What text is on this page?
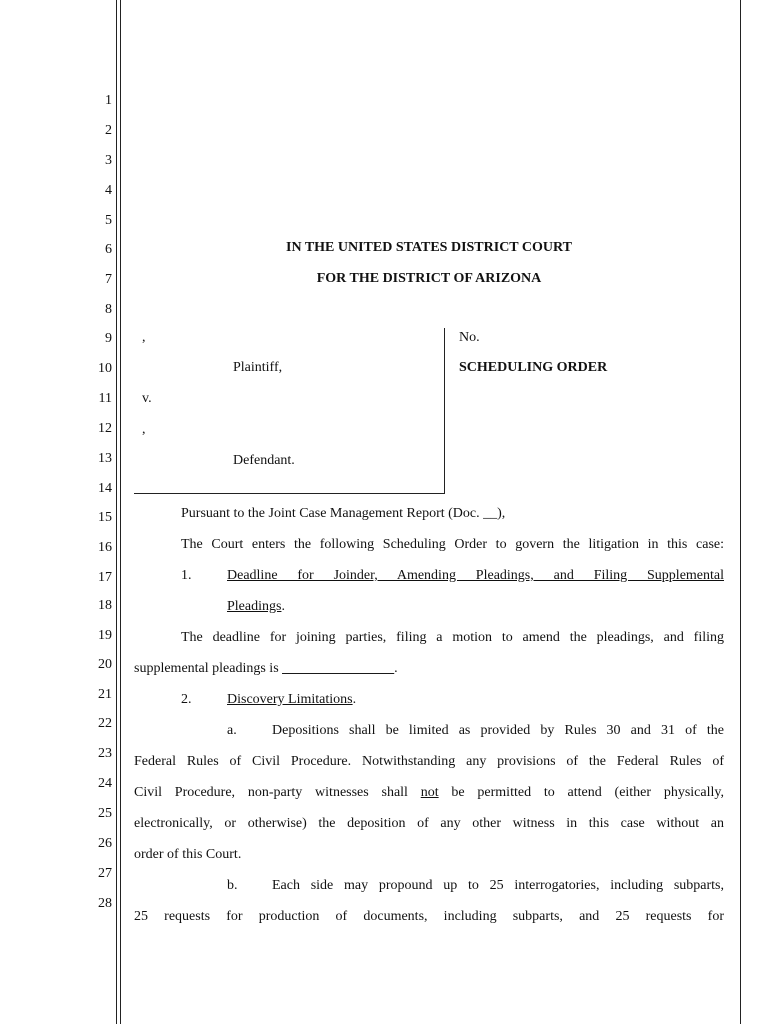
1
2
3
4
5
6
7
8
9
10
11
12
13
14
15
16
17
18
19
20
21
22
23
24
25
26
27
28
IN THE UNITED STATES DISTRICT COURT
FOR THE DISTRICT OF ARIZONA
,
Plaintiff,
v.
,
Defendant.
No.
SCHEDULING ORDER
Pursuant to the Joint Case Management Report (Doc. __),
The Court enters the following Scheduling Order to govern the litigation in this case:
1.	Deadline for Joinder, Amending Pleadings, and Filing Supplemental
Pleadings.
The deadline for joining parties, filing a motion to amend the pleadings, and filing
supplemental pleadings is ________________.
2.	Discovery Limitations.
a.	Depositions shall be limited as provided by Rules 30 and 31 of the
Federal Rules of Civil Procedure. Notwithstanding any provisions of the Federal Rules of
Civil Procedure, non-party witnesses shall not be permitted to attend (either physically,
electronically, or otherwise) the deposition of any other witness in this case without an
order of this Court.
b. Each side may propound up to 25 interrogatories, including subparts,
25 requests for production of documents, including subparts, and 25 requests for
